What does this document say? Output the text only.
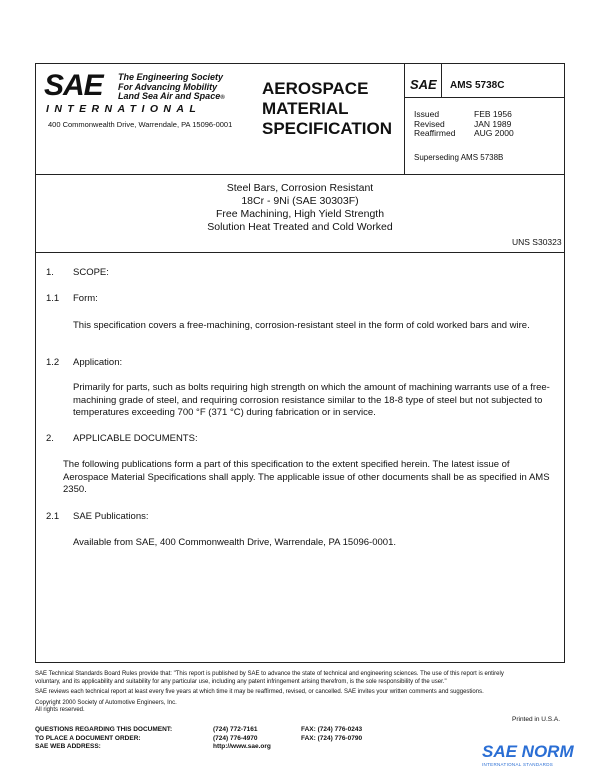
SAE The Engineering Society
For Advancing Mobility
Land Sea Air and Space®
INTERNATIONAL
400 Commonwealth Drive, Warrendale, PA 15096-0001
AEROSPACE
MATERIAL
SPECIFICATION
SAE AMS 5738C
Issued	FEB 1956
Revised	JAN 1989
Reaffirmed AUG 2000
Superseding AMS 5738B
Steel Bars, Corrosion Resistant
18Cr - 9Ni (SAE 30303F)
Free Machining, High Yield Strength
Solution Heat Treated and Cold Worked
UNS S30323
1. SCOPE:
1.1 Form:
This specification covers a free-machining, corrosion-resistant steel in the form of cold worked bars and wire.
1.2 Application:
Primarily for parts, such as bolts requiring high strength on which the amount of machining warrants use of a free-machining grade of steel, and requiring corrosion resistance similar to the 18-8 type of steel but not subjected to temperatures exceeding 700 °F (371 °C) during fabrication or in service.
2. APPLICABLE DOCUMENTS:
The following publications form a part of this specification to the extent specified herein. The latest issue of Aerospace Material Specifications shall apply. The applicable issue of other documents shall be as specified in AMS 2350.
2.1 SAE Publications:
Available from SAE, 400 Commonwealth Drive, Warrendale, PA 15096-0001.
SAE Technical Standards Board Rules provide that: "This report is published by SAE to advance the state of technical and engineering sciences. The use of this report is entirely
voluntary, and its applicability and suitability for any particular use, including any patent infringement arising therefrom, is the sole responsibility of the user."
SAE reviews each technical report at least every five years at which time it may be reaffirmed, revised, or cancelled. SAE invites your written comments and suggestions.
Copyright 2000 Society of Automotive Engineers, Inc.
All rights reserved.
Printed in U.S.A.
QUESTIONS REGARDING THIS DOCUMENT:	(724) 772-7161	FAX: (724) 776-0243
TO PLACE A DOCUMENT ORDER:	(724) 776-4970	FAX: (724) 776-0790
SAE WEB ADDRESS:	http://www.sae.org	SAE NORM
INTERNATIONAL STANDARDS
